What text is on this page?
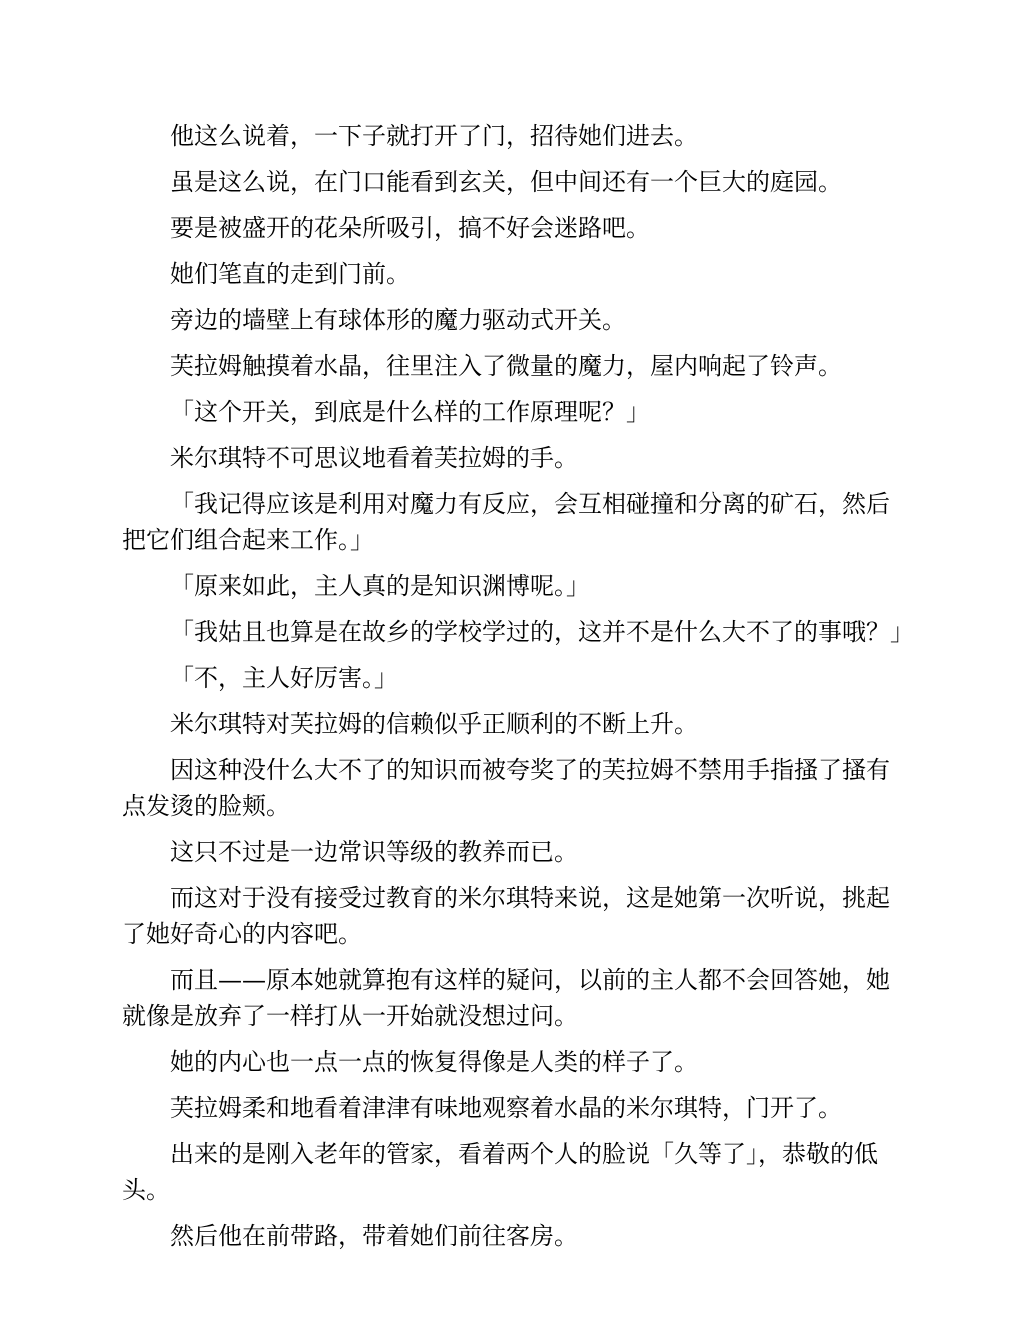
他这么说着，一下子就打开了门，招待她们进去。

虽是这么说，在门口能看到玄关，但中间还有一个巨大的庭园。

要是被盛开的花朵所吸引，搞不好会迷路吧。

她们笔直的走到门前。

旁边的墙壁上有球体形的魔力驱动式开关。

芙拉姆触摸着水晶，往里注入了微量的魔力，屋内响起了铃声。

「这个开关，到底是什么样的工作原理呢？」

米尔琪特不可思议地看着芙拉姆的手。

「我记得应该是利用对魔力有反应，会互相碰撞和分离的矿石，然后把它们组合起来工作。」

「原来如此，主人真的是知识渊博呢。」

「我姑且也算是在故乡的学校学过的，这并不是什么大不了的事哦？」

「不，主人好厉害。」

米尔琪特对芙拉姆的信赖似乎正顺利的不断上升。

因这种没什么大不了的知识而被夸奖了的芙拉姆不禁用手指搔了搔有点发烫的脸颊。

这只不过是一边常识等级的教养而已。

而这对于没有接受过教育的米尔琪特来说，这是她第一次听说，挑起了她好奇心的内容吧。

而且——原本她就算抱有这样的疑问，以前的主人都不会回答她，她就像是放弃了一样打从一开始就没想过问。

她的内心也一点一点的恢复得像是人类的样子了。

芙拉姆柔和地看着津津有味地观察着水晶的米尔琪特，门开了。

出来的是刚入老年的管家，看着两个人的脸说「久等了」，恭敬的低头。

然后他在前带路，带着她们前往客房。
